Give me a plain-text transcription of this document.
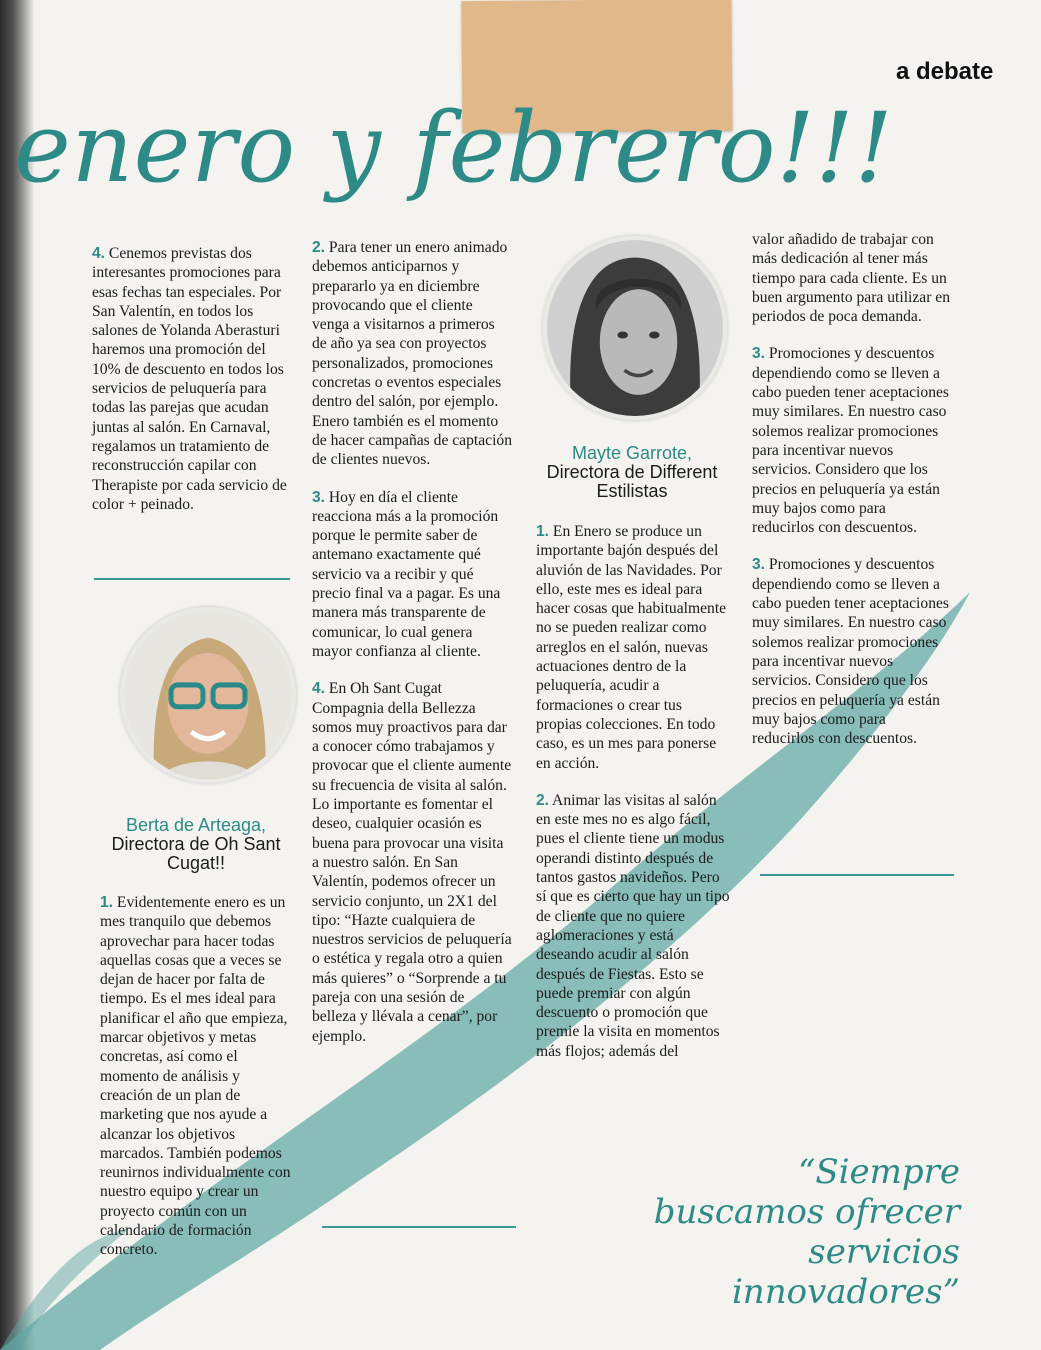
a debate

enero y febrero!!!

4. Cenemos previstas dos interesantes promociones para esas fechas tan especiales. Por San Valentín, en todos los salones de Yolanda Aberasturi haremos una promoción del 10% de descuento en todos los servicios de peluquería para todas las parejas que acudan juntas al salón. En Carnaval, regalamos un tratamiento de reconstrucción capilar con Therapiste por cada servicio de color + peinado.

Berta de Arteaga,
Directora de Oh Sant Cugat!!

1. Evidentemente enero es un mes tranquilo que debemos aprovechar para hacer todas aquellas cosas que a veces se dejan de hacer por falta de tiempo. Es el mes ideal para planificar el año que empieza, marcar objetivos y metas concretas, así como el momento de análisis y creación de un plan de marketing que nos ayude a alcanzar los objetivos marcados. También podemos reunirnos individualmente con nuestro equipo y crear un proyecto común con un calendario de formación concreto.

2. Para tener un enero animado debemos anticiparnos y prepararlo ya en diciembre provocando que el cliente venga a visitarnos a primeros de año ya sea con proyectos personalizados, promociones concretas o eventos especiales dentro del salón, por ejemplo. Enero también es el momento de hacer campañas de captación de clientes nuevos.

3. Hoy en día el cliente reacciona más a la promoción porque le permite saber de antemano exactamente qué servicio va a recibir y qué precio final va a pagar. Es una manera más transparente de comunicar, lo cual genera mayor confianza al cliente.

4. En Oh Sant Cugat Compagnia della Bellezza somos muy proactivos para dar a conocer cómo trabajamos y provocar que el cliente aumente su frecuencia de visita al salón. Lo importante es fomentar el deseo, cualquier ocasión es buena para provocar una visita a nuestro salón. En San Valentín, podemos ofrecer un servicio conjunto, un 2X1 del tipo: “Hazte cualquiera de nuestros servicios de peluquería o estética y regala otro a quien más quieres” o “Sorprende a tu pareja con una sesión de belleza y llévala a cenar”, por ejemplo.

Mayte Garrote,
Directora de Different Estilistas

1. En Enero se produce un importante bajón después del aluvión de las Navidades. Por ello, este mes es ideal para hacer cosas que habitualmente no se pueden realizar como arreglos en el salón, nuevas actuaciones dentro de la peluquería, acudir a formaciones o crear tus propias colecciones. En todo caso, es un mes para ponerse en acción.

2. Animar las visitas al salón en este mes no es algo fácil, pues el cliente tiene un modus operandi distinto después de tantos gastos navideños. Pero sí que es cierto que hay un tipo de cliente que no quiere aglomeraciones y está deseando acudir al salón después de Fiestas. Esto se puede premiar con algún descuento o promoción que premie la visita en momentos más flojos; además del

valor añadido de trabajar con más dedicación al tener más tiempo para cada cliente. Es un buen argumento para utilizar en periodos de poca demanda.

3. Promociones y descuentos dependiendo como se lleven a cabo pueden tener aceptaciones muy similares. En nuestro caso solemos realizar promociones para incentivar nuevos servicios. Considero que los precios en peluquería ya están muy bajos como para reducirlos con descuentos.

3. Promociones y descuentos dependiendo como se lleven a cabo pueden tener aceptaciones muy similares. En nuestro caso solemos realizar promociones para incentivar nuevos servicios. Considero que los precios en peluquería ya están muy bajos como para reducirlos con descuentos.

“Siempre buscamos ofrecer servicios innovadores”
